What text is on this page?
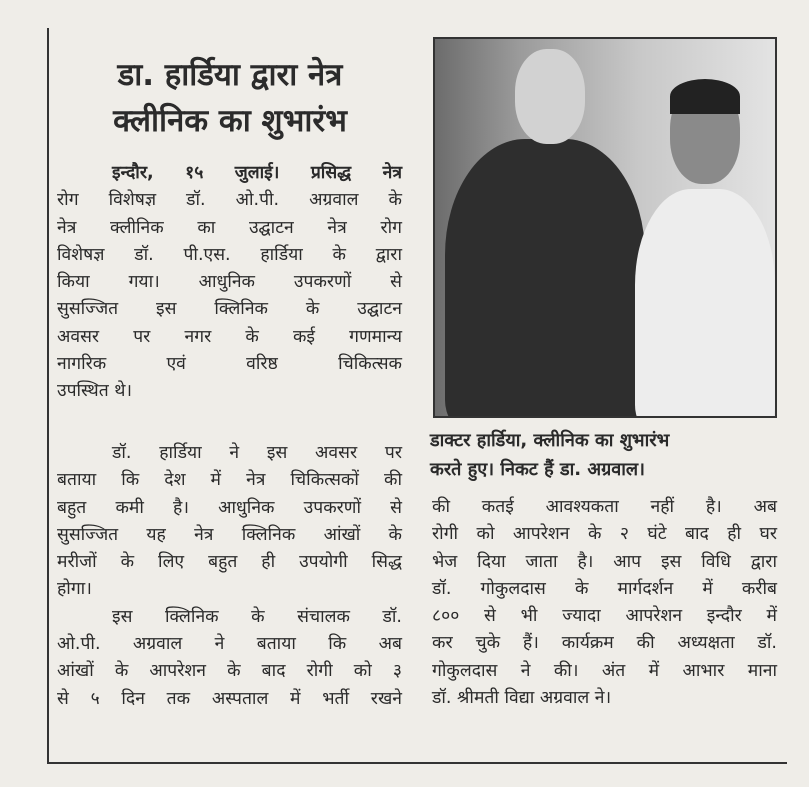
डा. हार्डिया द्वारा नेत्र
क्लीनिक का शुभारंभ
इन्दौर, १५ जुलाई। प्रसिद्ध नेत्र
रोग विशेषज्ञ डॉ. ओ.पी. अग्रवाल के
नेत्र क्लीनिक का उद्घाटन नेत्र रोग
विशेषज्ञ डॉ. पी.एस. हार्डिया के द्वारा
किया गया। आधुनिक उपकरणों से
सुसज्जित इस क्लिनिक के उद्घाटन
अवसर पर नगर के कई गणमान्य
नागरिक एवं वरिष्ठ चिकित्सक
उपस्थित थे।
डॉ. हार्डिया ने इस अवसर पर
बताया कि देश में नेत्र चिकित्सकों की
बहुत कमी है। आधुनिक उपकरणों से
सुसज्जित यह नेत्र क्लिनिक आंखों के
मरीजों के लिए बहुत ही उपयोगी सिद्ध
होगा।
इस क्लिनिक के संचालक डॉ.
ओ.पी. अग्रवाल ने बताया कि अब
आंखों के आपरेशन के बाद रोगी को ३
से ५ दिन तक अस्पताल में भर्ती रखने
डाक्टर हार्डिया, क्लीनिक का शुभारंभ
करते हुए। निकट हैं डा. अग्रवाल।
की कतई आवश्यकता नहीं है। अब
रोगी को आपरेशन के २ घंटे बाद ही घर
भेज दिया जाता है। आप इस विधि द्वारा
डॉ. गोकुलदास के मार्गदर्शन में करीब
८०० से भी ज्यादा आपरेशन इन्दौर में
कर चुके हैं। कार्यक्रम की अध्यक्षता डॉ.
गोकुलदास ने की। अंत में आभार माना
डॉ. श्रीमती विद्या अग्रवाल ने।
